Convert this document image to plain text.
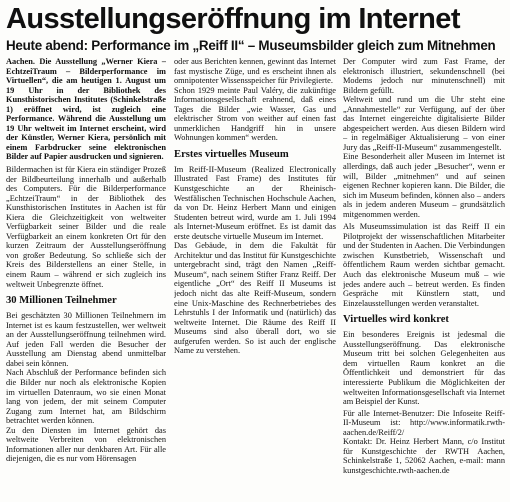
Ausstellungseröffnung im Internet
Heute abend: Performance im „Reiff II“ – Museumsbilder gleich zum Mitnehmen

Aachen. Die Ausstellung „Werner Kiera – EchtzeiTraum – Bilderperformance im Virtuellen“, die am heutigen 1. August um 19 Uhr in der Bibliothek des Kunsthistorischen Institutes (Schinkelstraße 1) eröffnet wird, ist zugleich eine Performance. Während die Ausstellung um 19 Uhr weltweit im Internet erscheint, wird der Künstler, Werner Kiera, persönlich mit einem Farbdrucker seine elektronischen Bilder auf Papier ausdrucken und signieren.

Bildermachen ist für Kiera ein ständiger Prozeß der Bildbeurteilung innerhalb und außerhalb des Computers. Für die Bilderperformance „EchtzeiTraum“ in der Bibliothek des Kunsthistorischen Institutes in Aachen ist für Kiera die Gleichzeitigkeit von weltweiter Verfügbarkeit seiner Bilder und die reale Verfügbarkeit an einem konkreten Ort für den kurzen Zeitraum der Ausstellungseröffnung von großer Bedeutung. So schließe sich der Kreis des Bilderstellens an einer Stelle, in einem Raum – während er sich zugleich ins weltweit Unbegrenzte öffnet.

30 Millionen Teilnehmer

Bei geschätzten 30 Millionen Teilnehmern im Internet ist es kaum festzustellen, wer weltweit an der Ausstellungseröffnung teilnehmen wird. Auf jeden Fall werden die Besucher der Ausstellung am Dienstag abend unmittelbar dabei sein können.

Nach Abschluß der Performance befinden sich die Bilder nur noch als elektronische Kopien im virtuellen Datenraum, wo sie einen Monat lang von jedem, der mit seinem Computer Zugang zum Internet hat, am Bildschirm betrachtet werden können.

Zu den Diensten im Internet gehört das weltweite Verbreiten von elektronischen Informationen aller nur denkbaren Art. Für alle diejenigen, die es nur vom Hörensagen

oder aus Berichten kennen, gewinnt das Internet fast mystische Züge, und es erscheint ihnen als omnipotenter Wissensspeicher für Privilegierte.

Schon 1929 meinte Paul Valéry, die zukünftige Informationsgesellschaft erahnend, daß eines Tages die Bilder „wie Wasser, Gas und elektrischer Strom von weither auf einen fast unmerklichen Handgriff hin in unsere Wohnungen kommen“ werden.

Erstes virtuelles Museum

Im Reiff-II-Museum (Realized Electronically Illustrated Fast Frame) des Institutes für Kunstgeschichte an der Rheinisch-Westfälischen Technischen Hochschule Aachen, da von Dr. Heinz Herbert Mann und einigen Studenten betreut wird, wurde am 1. Juli 1994 als Internet-Museum eröffnet. Es ist damit das erste deutsche virtuelle Museum im Internet.

Das Gebäude, in dem die Fakultät für Architektur und das Institut für Kunstgeschichte untergebracht sind, trägt den Namen „Reiff-Museum“, nach seinem Stifter Franz Reiff. Der eigentliche „Ort“ des Reiff II Museums ist jedoch nicht das alte Reiff-Museum, sondern eine Unix-Maschine des Rechnerbetriebes des Lehrstuhls I der Informatik und (natürlich) das weltweite Internet. Die Räume des Reiff II Museums sind also überall dort, wo sie aufgerufen werden. So ist auch der englische Name zu verstehen.

Der Computer wird zum Fast Frame, der elektronisch illustriert, sekundenschnell (bei Modems jedoch nur minutenschnell) mit Bildern gefüllt.

Weltweit und rund um die Uhr steht eine „Annahmestelle“ zur Verfügung, auf der über das Internet eingereichte digitalisierte Bilder abgespeichert werden. Aus diesen Bildern wird – in regelmäßiger Aktualisierung – von einer Jury das „Reiff-II-Museum“ zusammengestellt.

Eine Besonderheit aller Museen im Internet ist allerdings, daß auch jeder „Besucher“, wenn er will, Bilder „mitnehmen“ und auf seinen eigenen Rechner kopieren kann. Die Bilder, die sich im Museum befinden, können also – anders als in jedem anderen Museum – grundsätzlich mitgenommen werden.

Als Museumssimulation ist das Reiff II ein Pilotprojekt der wissenschaftlichen Mitarbeiter und der Studenten in Aachen. Die Verbindungen zwischen Kunstbetrieb, Wissenschaft und öffentlichem Raum werden sichtbar gemacht. Auch das elektronische Museum muß – wie jedes andere auch – betreut werden. Es finden Gespräche mit Künstlern statt, und Einzelausstellungen werden veranstaltet.

Virtuelles wird konkret

Ein besonderes Ereignis ist jedesmal die Ausstellungseröffnung. Das elektronische Museum tritt bei solchen Gelegenheiten aus dem virtuellen Raum konkret an die Öffentlichkeit und demonstriert für das interessierte Publikum die Möglichkeiten der weltweiten Informationsgesellschaft via Internet am Beispiel der Kunst.

Für alle Internet-Benutzer: Die Infoseite Reiff-II-Museum ist: http://www.informatik.rwth-aachen.de/Reiff/2/

Kontakt: Dr. Heinz Herbert Mann, c/o Institut für Kunstgeschichte der RWTH Aachen, Schinkelstraße 1, 52062 Aachen, e-mail: mann kunstgeschichte.rwth-aachen.de
